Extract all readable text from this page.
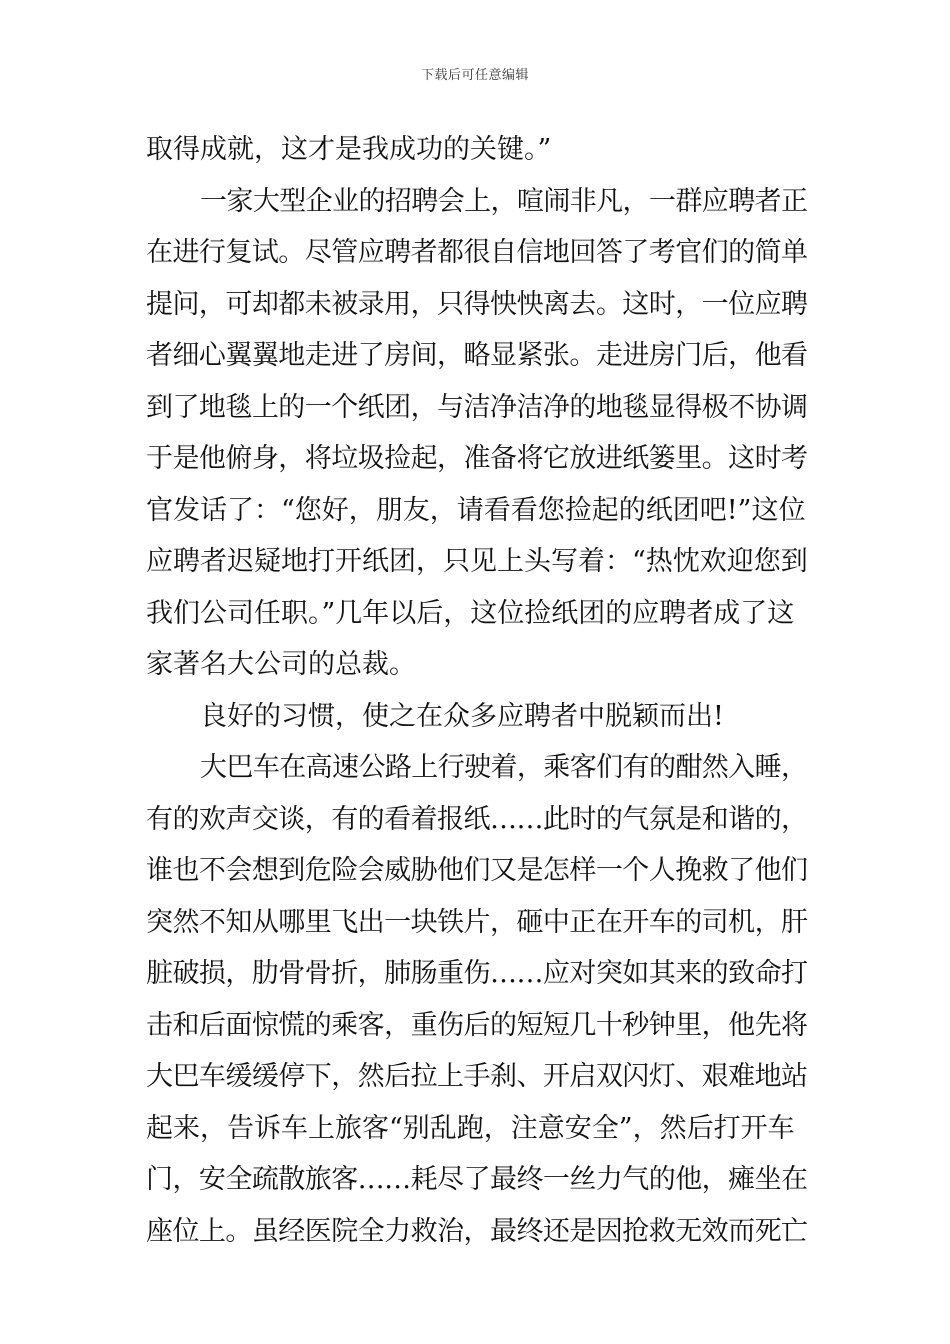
下载后可任意编辑
取得成就，这才是我成功的关键。”
一家大型企业的招聘会上，喧闹非凡，一群应聘者正
在进行复试。尽管应聘者都很自信地回答了考官们的简单
提问，可却都未被录用，只得怏怏离去。这时，一位应聘
者细心翼翼地走进了房间，略显紧张。走进房门后，他看
到了地毯上的一个纸团，与洁净洁净的地毯显得极不协调
于是他俯身，将垃圾捡起，准备将它放进纸篓里。这时考
官发话了：“您好，朋友，请看看您捡起的纸团吧!”这位
应聘者迟疑地打开纸团，只见上头写着：“热忱欢迎您到
我们公司任职。”几年以后，这位捡纸团的应聘者成了这
家著名大公司的总裁。
良好的习惯，使之在众多应聘者中脱颖而出!
大巴车在高速公路上行驶着，乘客们有的酣然入睡，
有的欢声交谈，有的看着报纸……此时的气氛是和谐的，
谁也不会想到危险会威胁他们又是怎样一个人挽救了他们
突然不知从哪里飞出一块铁片，砸中正在开车的司机，肝
脏破损，肋骨骨折，肺肠重伤……应对突如其来的致命打
击和后面惊慌的乘客，重伤后的短短几十秒钟里，他先将
大巴车缓缓停下，然后拉上手刹、开启双闪灯、艰难地站
起来，告诉车上旅客“别乱跑，注意安全”，然后打开车
门，安全疏散旅客……耗尽了最终一丝力气的他，瘫坐在
座位上。虽经医院全力救治，最终还是因抢救无效而死亡
